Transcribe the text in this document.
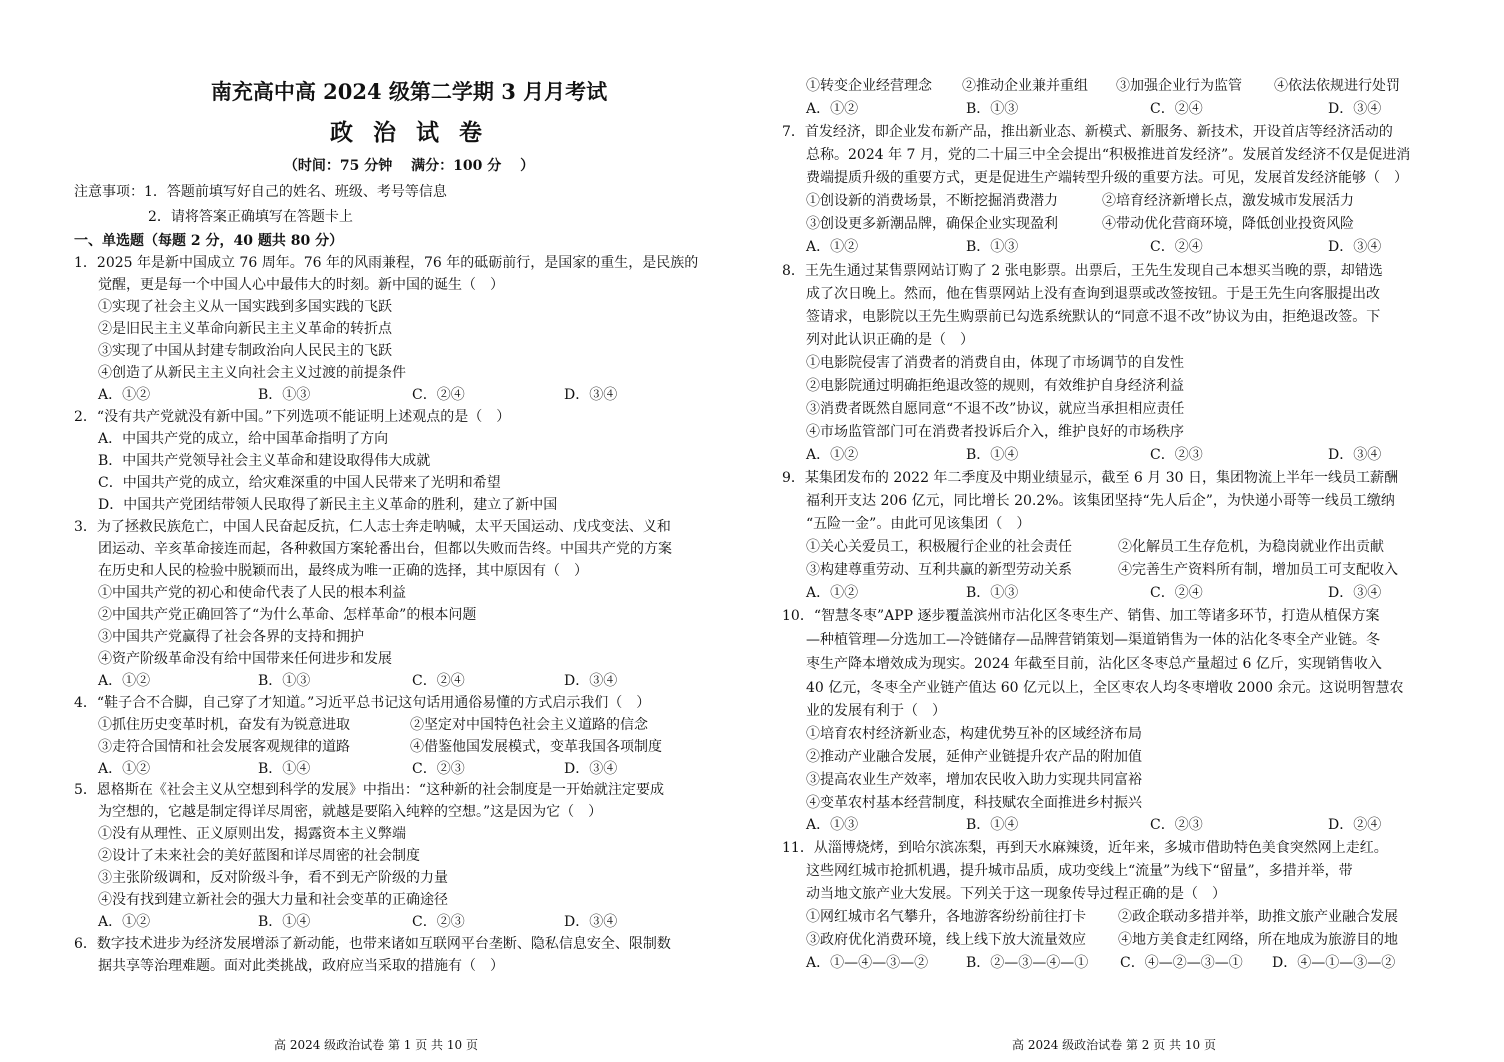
南充高中高 2024 级第二学期 3 月月考试
政 治 试 卷
（时间：75 分钟　 满分：100 分　 ）
注意事项：1．答题前填写好自己的姓名、班级、考号等信息
2．请将答案正确填写在答题卡上
一、单选题（每题 2 分，40 题共 80 分）
1．2025 年是新中国成立 76 周年。76 年的风雨兼程，76 年的砥砺前行，是国家的重生，是民族的
觉醒，更是每一个中国人心中最伟大的时刻。新中国的诞生（　）
①实现了社会主义从一国实践到多国实践的飞跃
②是旧民主主义革命向新民主主义革命的转折点
③实现了中国从封建专制政治向人民民主的飞跃
④创造了从新民主主义向社会主义过渡的前提条件
A．①②	B．①③	C．②④	D．③④
2．“没有共产党就没有新中国。”下列选项不能证明上述观点的是（　）
A．中国共产党的成立，给中国革命指明了方向
B．中国共产党领导社会主义革命和建设取得伟大成就
C．中国共产党的成立，给灾难深重的中国人民带来了光明和希望
D．中国共产党团结带领人民取得了新民主主义革命的胜利，建立了新中国
3．为了拯救民族危亡，中国人民奋起反抗，仁人志士奔走呐喊，太平天国运动、戊戌变法、义和
团运动、辛亥革命接连而起，各种救国方案轮番出台，但都以失败而告终。中国共产党的方案
在历史和人民的检验中脱颖而出，最终成为唯一正确的选择，其中原因有（　）
①中国共产党的初心和使命代表了人民的根本利益
②中国共产党正确回答了“为什么革命、怎样革命”的根本问题
③中国共产党赢得了社会各界的支持和拥护
④资产阶级革命没有给中国带来任何进步和发展
A．①②	B．①③	C．②④	D．③④
4．“鞋子合不合脚，自己穿了才知道。”习近平总书记这句话用通俗易懂的方式启示我们（　）
①抓住历史变革时机，奋发有为锐意进取	②坚定对中国特色社会主义道路的信念
③走符合国情和社会发展客观规律的道路	④借鉴他国发展模式，变革我国各项制度
A．①②	B．①④	C．②③	D．③④
5．恩格斯在《社会主义从空想到科学的发展》中指出：“这种新的社会制度是一开始就注定要成
为空想的，它越是制定得详尽周密，就越是要陷入纯粹的空想。”这是因为它（　）
①没有从理性、正义原则出发，揭露资本主义弊端
②设计了未来社会的美好蓝图和详尽周密的社会制度
③主张阶级调和，反对阶级斗争，看不到无产阶级的力量
④没有找到建立新社会的强大力量和社会变革的正确途径
A．①②	B．①④	C．②③	D．③④
6．数字技术进步为经济发展增添了新动能，也带来诸如互联网平台垄断、隐私信息安全、限制数
据共享等治理难题。面对此类挑战，政府应当采取的措施有（　）
高 2024 级政治试卷 第 1 页 共 10 页
①转变企业经营理念 ②推动企业兼并重组 ③加强企业行为监管 ④依法依规进行处罚
A．①②	B．①③	C．②④	D．③④
7．首发经济，即企业发布新产品，推出新业态、新模式、新服务、新技术，开设首店等经济活动的
总称。2024 年 7 月，党的二十届三中全会提出“积极推进首发经济”。发展首发经济不仅是促进消
费端提质升级的重要方式，更是促进生产端转型升级的重要方法。可见，发展首发经济能够（　）
①创设新的消费场景，不断挖掘消费潜力	②培育经济新增长点，激发城市发展活力
③创设更多新潮品牌，确保企业实现盈利	④带动优化营商环境，降低创业投资风险
A．①②	B．①③	C．②④	D．③④
8．王先生通过某售票网站订购了 2 张电影票。出票后，王先生发现自己本想买当晚的票，却错选
成了次日晚上。然而，他在售票网站上没有查询到退票或改签按钮。于是王先生向客服提出改
签请求，电影院以王先生购票前已勾选系统默认的“同意不退不改”协议为由，拒绝退改签。下
列对此认识正确的是（　）
①电影院侵害了消费者的消费自由，体现了市场调节的自发性
②电影院通过明确拒绝退改签的规则，有效维护自身经济利益
③消费者既然自愿同意“不退不改”协议，就应当承担相应责任
④市场监管部门可在消费者投诉后介入，维护良好的市场秩序
A．①②	B．①④	C．②③	D．③④
9．某集团发布的 2022 年二季度及中期业绩显示，截至 6 月 30 日，集团物流上半年一线员工薪酬
福利开支达 206 亿元，同比增长 20.2%。该集团坚持“先人后企”，为快递小哥等一线员工缴纳
“五险一金”。由此可见该集团（　）
①关心关爱员工，积极履行企业的社会责任	②化解员工生存危机，为稳岗就业作出贡献
③构建尊重劳动、互利共赢的新型劳动关系	④完善生产资料所有制，增加员工可支配收入
A．①②	B．①③	C．②④	D．③④
10．“智慧冬枣”APP 逐步覆盖滨州市沾化区冬枣生产、销售、加工等诸多环节，打造从植保方案
—种植管理—分选加工—冷链储存—品牌营销策划—渠道销售为一体的沾化冬枣全产业链。冬
枣生产降本增效成为现实。2024 年截至目前，沾化区冬枣总产量超过 6 亿斤，实现销售收入
40 亿元，冬枣全产业链产值达 60 亿元以上，全区枣农人均冬枣增收 2000 余元。这说明智慧农
业的发展有利于（　）
①培育农村经济新业态，构建优势互补的区域经济布局
②推动产业融合发展，延伸产业链提升农产品的附加值
③提高农业生产效率，增加农民收入助力实现共同富裕
④变革农村基本经营制度，科技赋农全面推进乡村振兴
A．①③	B．①④	C．②③	D．②④
11．从淄博烧烤，到哈尔滨冻梨，再到天水麻辣烫，近年来，多城市借助特色美食突然网上走红。
这些网红城市抢抓机遇，提升城市品质，成功变线上“流量”为线下“留量”，多措并举，带
动当地文旅产业大发展。下列关于这一现象传导过程正确的是（　）
①网红城市名气攀升，各地游客纷纷前往打卡 ②政企联动多措并举，助推文旅产业融合发展
③政府优化消费环境，线上线下放大流量效应 ④地方美食走红网络，所在地成为旅游目的地
A．①—④—③—②	B．②—③—④—① C．④—②—③—① D．④—①—③—②
高 2024 级政治试卷 第 2 页 共 10 页
